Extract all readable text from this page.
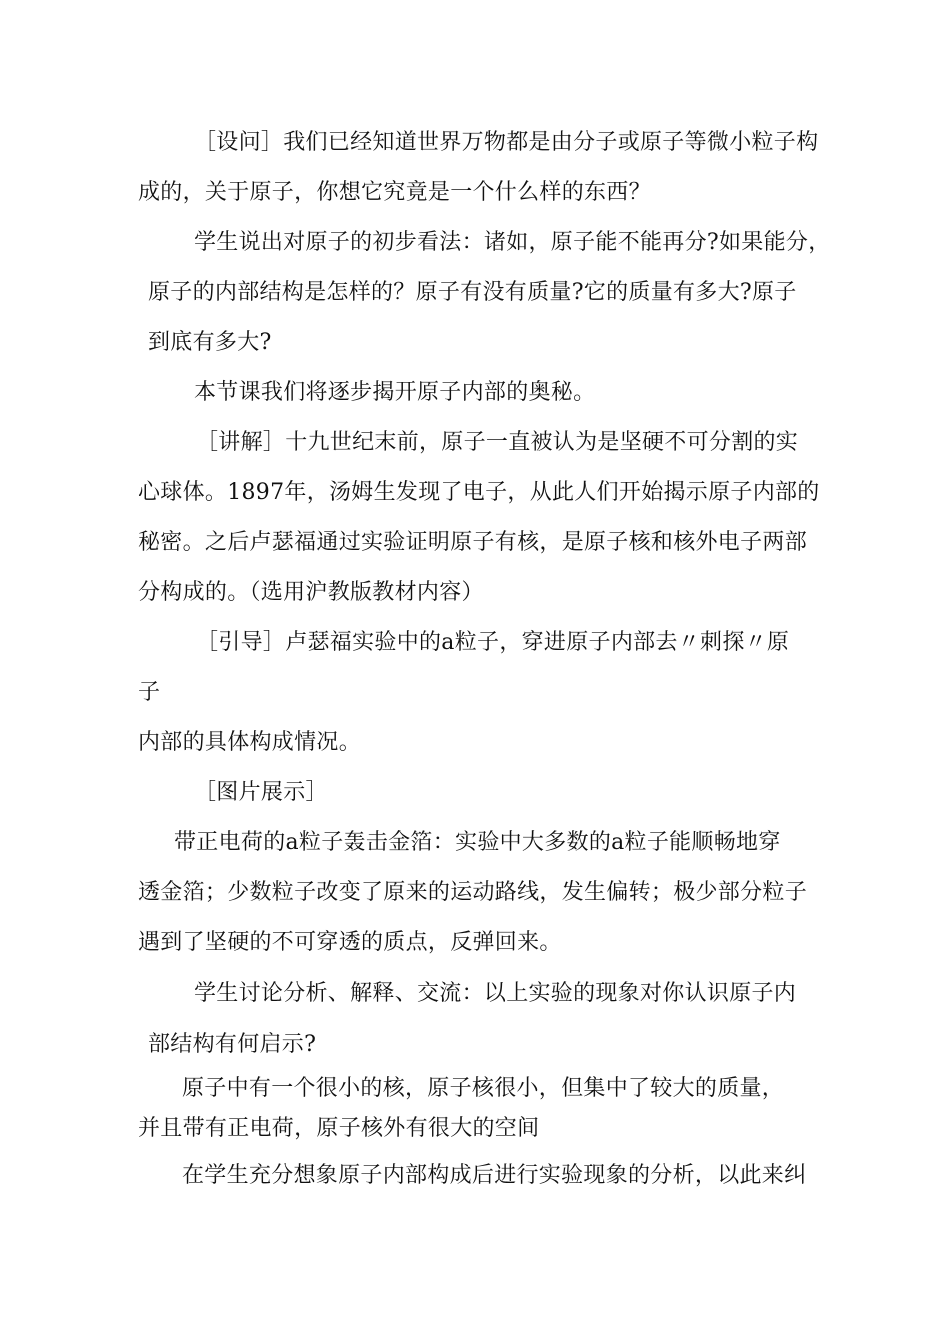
［设问］我们已经知道世界万物都是由分子或原子等微小粒子构
成的，关于原子，你想它究竟是一个什么样的东西？
学生说出对原子的初步看法：诸如，原子能不能再分?如果能分，
原子的内部结构是怎样的？原子有没有质量?它的质量有多大?原子
到底有多大?
本节课我们将逐步揭开原子内部的奥秘。
［讲解］十九世纪末前，原子一直被认为是坚硬不可分割的实
心球体。1897年，汤姆生发现了电子，从此人们开始揭示原子内部的
秘密。之后卢瑟福通过实验证明原子有核，是原子核和核外电子两部
分构成的。（选用沪教版教材内容）
［引导］卢瑟福实验中的a粒子，穿进原子内部去〃刺探〃原
子
内部的具体构成情况。
［图片展示］
带正电荷的a粒子轰击金箔：实验中大多数的a粒子能顺畅地穿
透金箔；少数粒子改变了原来的运动路线，发生偏转；极少部分粒子
遇到了坚硬的不可穿透的质点，反弹回来。
学生讨论分析、解释、交流：以上实验的现象对你认识原子内
部结构有何启示?
原子中有一个很小的核，原子核很小，但集中了较大的质量，
并且带有正电荷，原子核外有很大的空间
在学生充分想象原子内部构成后进行实验现象的分析，以此来纠
